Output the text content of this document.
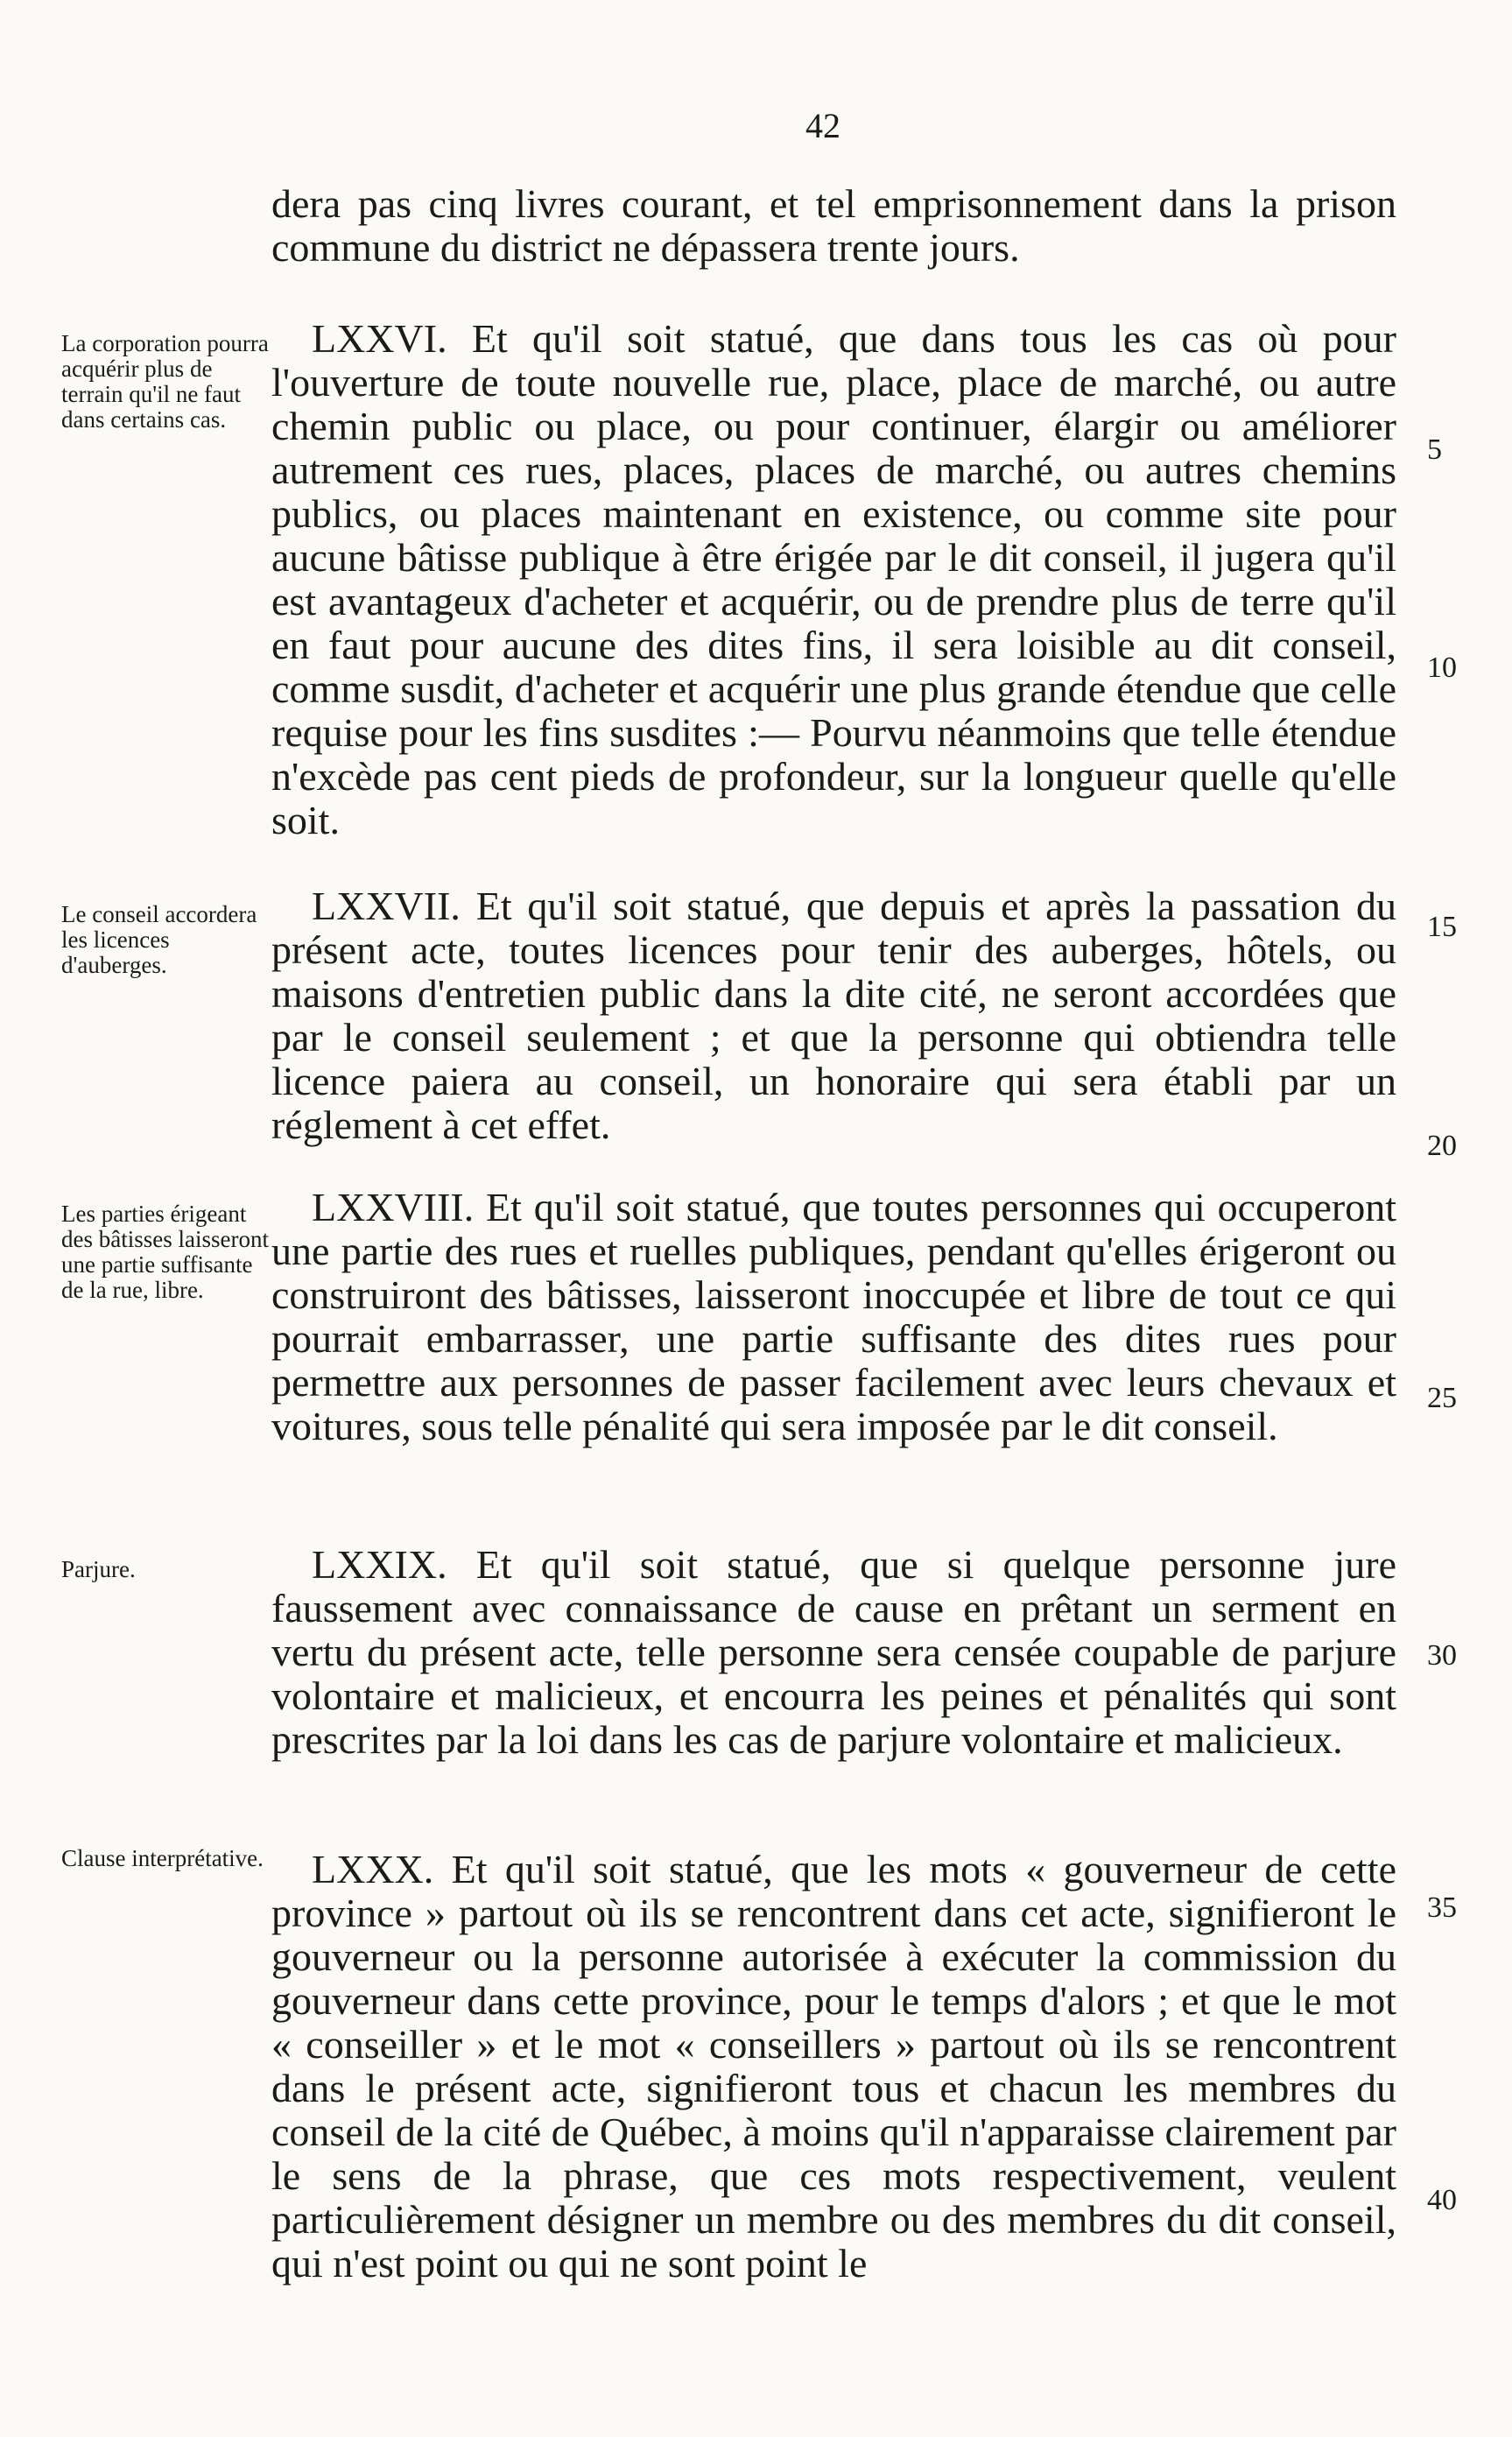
42

dera pas cinq livres courant, et tel emprisonnement dans la prison commune du district ne dépassera trente jours.

La corporation pourra acquérir plus de terrain qu'il ne faut dans certains cas.

 LXXVI. Et qu'il soit statué, que dans tous les cas où pour l'ouverture de toute nouvelle rue, place, place de marché, ou autre chemin public ou place, ou pour continuer, élargir ou améliorer autrement ces rues, places, places de marché, ou autres chemins publics, ou places maintenant en existence, ou comme site pour aucune bâtisse publique à être érigée par le dit conseil, il jugera qu'il est avantageux d'acheter et acquérir, ou de prendre plus de terre qu'il en faut pour aucune des dites fins, il sera loisible au dit conseil, comme susdit, d'acheter et acquérir une plus grande étendue que celle requise pour les fins susdites :— Pourvu néanmoins que telle étendue n'excède pas cent pieds de profondeur, sur la longueur quelle qu'elle soit.

Le conseil accordera les licences d'auberges.

 LXXVII. Et qu'il soit statué, que depuis et après la passation du présent acte, toutes licences pour tenir des auberges, hôtels, ou maisons d'entretien public dans la dite cité, ne seront accordées que par le conseil seulement ; et que la personne qui obtiendra telle licence paiera au conseil, un honoraire qui sera établi par un réglement à cet effet.

Les parties érigeant des bâtisses laisseront une partie suffisante de la rue, libre.

 LXXVIII. Et qu'il soit statué, que toutes personnes qui occuperont une partie des rues et ruelles publiques, pendant qu'elles érigeront ou construiront des bâtisses, laisseront inoccupée et libre de tout ce qui pourrait embarrasser, une partie suffisante des dites rues pour permettre aux personnes de passer facilement avec leurs chevaux et voitures, sous telle pénalité qui sera imposée par le dit conseil.

Parjure.

 	LXXIX. Et qu'il soit statué, que si quelque personne jure faussement avec connaissance de cause en prêtant un serment en vertu du présent acte, telle personne sera censée coupable de parjure volontaire et malicieux, et encourra les peines et pénalités qui sont prescrites par la loi dans les cas de parjure volontaire et malicieux.

Clause interprétative.

 	LXXX. Et qu'il soit statué, que les mots « gouverneur de cette province » partout où ils se rencontrent dans cet acte, signifieront le gouverneur ou la personne autorisée à exécuter la commission du gouverneur dans cette province, pour le temps d'alors ; et que le mot « conseiller » et le mot « conseillers » partout où ils se rencontrent dans le présent acte, signifieront tous et chacun les membres du conseil de la cité de Québec, à moins qu'il n'apparaisse clairement par le sens de la phrase, que ces mots respectivement, veulent particulièrement désigner un membre ou des membres du dit conseil, qui n'est point ou qui ne sont point le

5
10
15
20
25
30
35
40
